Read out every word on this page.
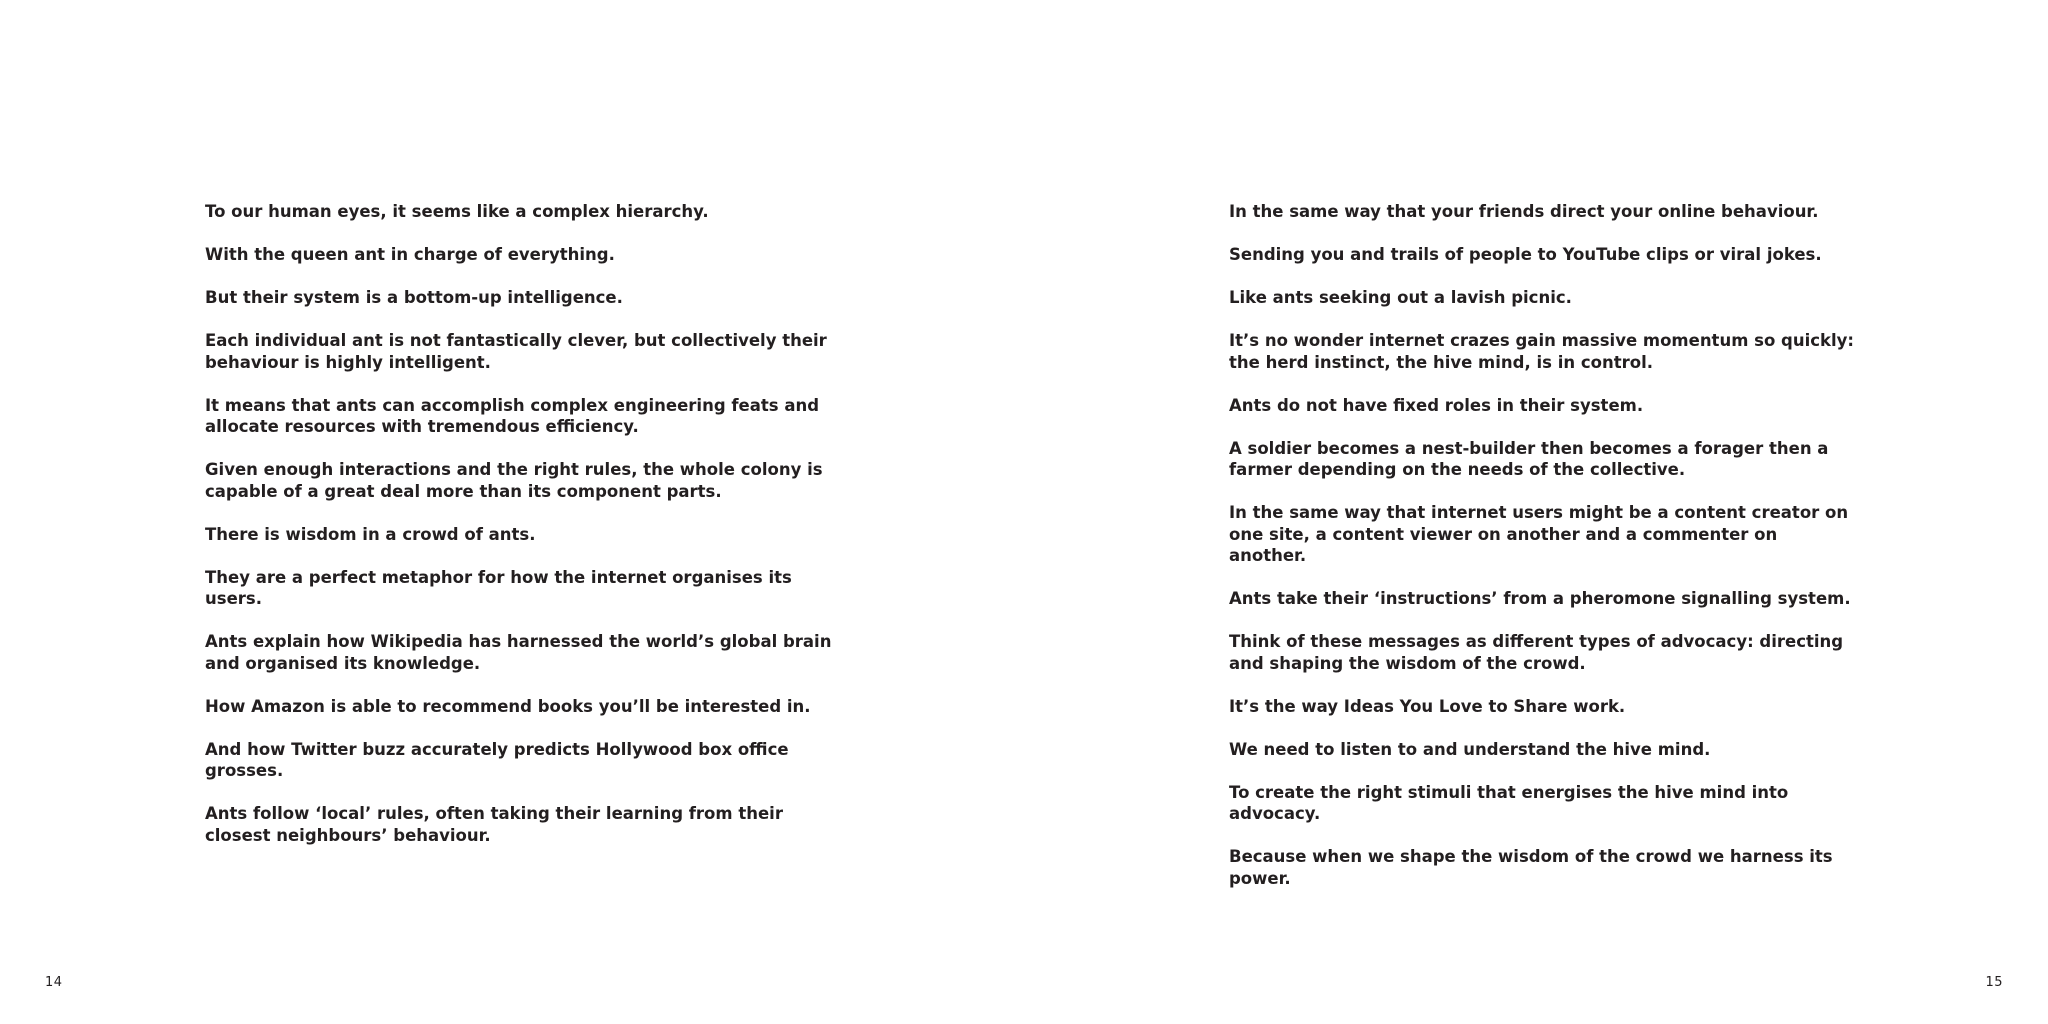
To our human eyes, it seems like a complex hierarchy.

With the queen ant in charge of everything.

But their system is a bottom-up intelligence.

Each individual ant is not fantastically clever, but collectively their behaviour is highly intelligent.

It means that ants can accomplish complex engineering feats and allocate resources with tremendous efficiency.

Given enough interactions and the right rules, the whole colony is capable of a great deal more than its component parts.

There is wisdom in a crowd of ants.

They are a perfect metaphor for how the internet organises its users.

Ants explain how Wikipedia has harnessed the world’s global brain and organised its knowledge.

How Amazon is able to recommend books you’ll be interested in.

And how Twitter buzz accurately predicts Hollywood box office grosses.

Ants follow ‘local’ rules, often taking their learning from their closest neighbours’ behaviour.

14

In the same way that your friends direct your online behaviour.

Sending you and trails of people to YouTube clips or viral jokes.

Like ants seeking out a lavish picnic.

It’s no wonder internet crazes gain massive momentum so quickly: the herd instinct, the hive mind, is in control.

Ants do not have fixed roles in their system.

A soldier becomes a nest-builder then becomes a forager then a farmer depending on the needs of the collective.

In the same way that internet users might be a content creator on one site, a content viewer on another and a commenter on another.

Ants take their ‘instructions’ from a pheromone signalling system.

Think of these messages as different types of advocacy: directing and shaping the wisdom of the crowd.

It’s the way Ideas You Love to Share work.

We need to listen to and understand the hive mind.

To create the right stimuli that energises the hive mind into advocacy.

Because when we shape the wisdom of the crowd we harness its power.

15
